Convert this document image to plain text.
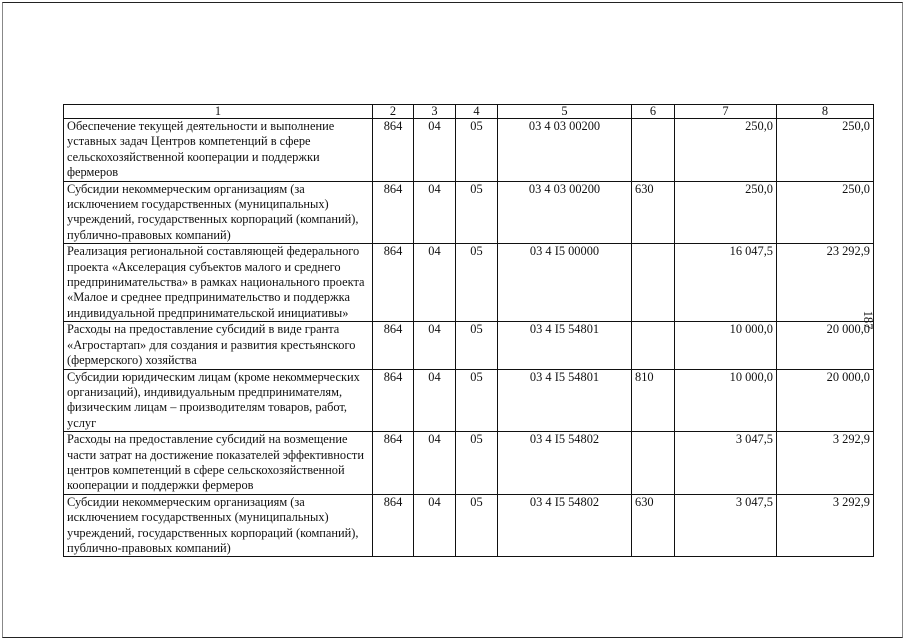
1	2	3	4	5	6	7	8
Обеспечение текущей деятельности и выполнение уставных задач Центров компетенций в сфере сельскохозяйственной кооперации и поддержки фермеров	864	04	05	03 4 03 00200		250,0	250,0
Субсидии некоммерческим организациям (за исключением государственных (муниципальных) учреждений, государственных корпораций (компаний), публично-правовых компаний)	864	04	05	03 4 03 00200	630	250,0	250,0
Реализация региональной составляющей федерального проекта «Акселерация субъектов малого и среднего предпринимательства» в рамках национального проекта «Малое и среднее предпринимательство и поддержка индивидуальной предпринимательской инициативы»	864	04	05	03 4 I5 00000		16 047,5	23 292,9
Расходы на предоставление субсидий в виде гранта «Агростартап» для создания и развития крестьянского (фермерского) хозяйства	864	04	05	03 4 I5 54801		10 000,0	20 000,0
Субсидии юридическим лицам (кроме некоммерческих организаций), индивидуальным предпринимателям, физическим лицам – производителям товаров, работ, услуг	864	04	05	03 4 I5 54801	810	10 000,0	20 000,0
Расходы на предоставление субсидий на возмещение части затрат на достижение показателей эффективности центров компетенций в сфере сельскохозяйственной кооперации и поддержки фермеров	864	04	05	03 4 I5 54802		3 047,5	3 292,9
Субсидии некоммерческим организациям (за исключением государственных (муниципальных) учреждений, государственных корпораций (компаний), публично-правовых компаний)	864	04	05	03 4 I5 54802	630	3 047,5	3 292,9
187
